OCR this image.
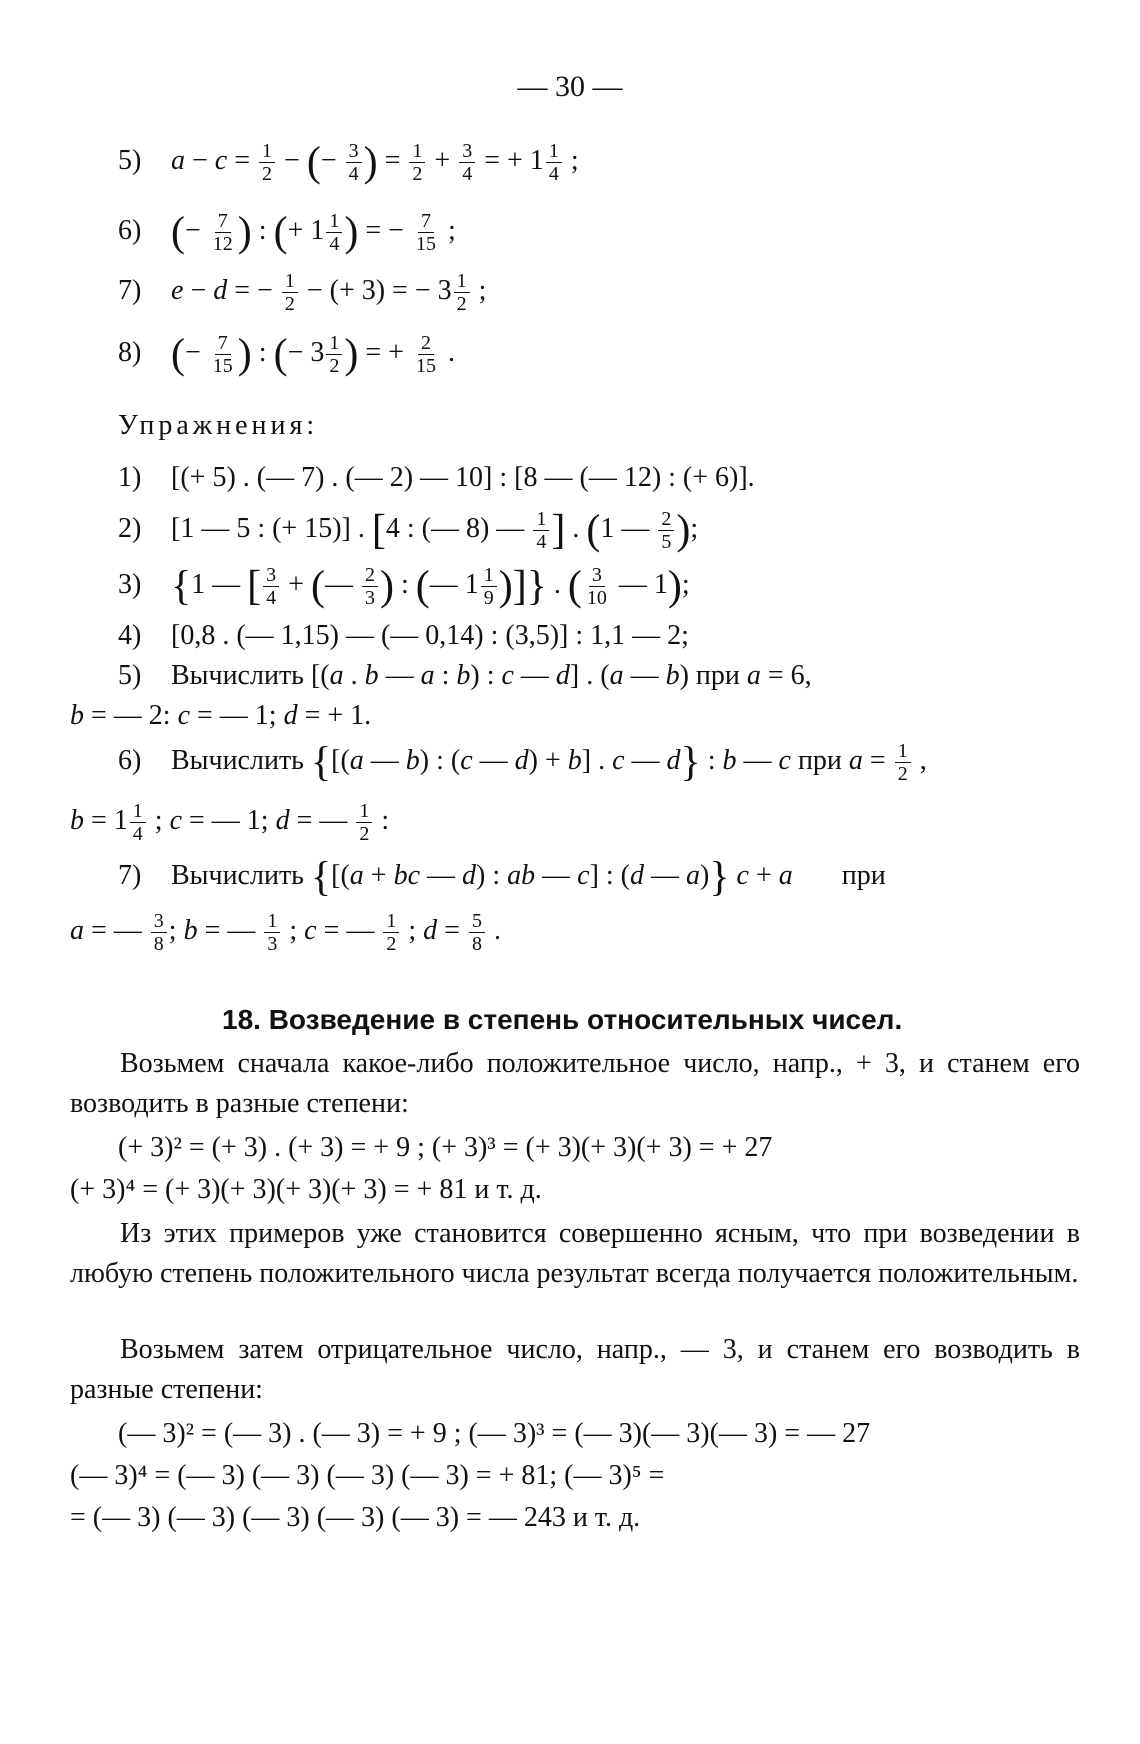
— 30 —
5) $a - c = \frac{1}{2}$ − (− $\frac{3}{4}$ ) = $\frac{1}{2} + \frac{3}{4}$ = + $1 \frac{1}{4}$ ;
6) (− $\frac{7}{12}$ ) : (+ $1 \frac{1}{4}$ ) = − $\frac{7}{15}$ ;
7) e − d = − $\frac{1}{2}$ − (+ 3) = − $3 \frac{1}{2}$ ;
8) (− $\frac{7}{15}$ ) : (− $3 \frac{1}{2}$ ) = + $\frac{2}{15}$ .
Упражнения:
1) [(+ 5) . (— 7) . (— 2) — 10] : [8 — (— 12) : (+ 6)].
2) [1 — 5 : (+ 15)] . [4 : (— 8) — $\frac{1}{4}$ ] . (1 — $\frac{2}{5}$ );
3) {1 — [ $\frac{3}{4}$ + (— $\frac{2}{3}$ ) : (— $1 \frac{1}{9}$ )]} . ( $\frac{3}{10}$ — 1);
4) [0,8 . (— 1,15) — (— 0,14) : (3,5)] : 1,1 — 2;
5) Вычислить [(a . b — a : b) : c — d] . (a — b) при a = 6,
b = — 2: c = — 1; d = + 1.
6) Вычислить {[(a — b) : (c — d) + b] . c — d} : b — c при $a = \frac{1}{2}$ ,
$b = 1 \frac{1}{4}$ ; c = — 1; d = — $\frac{1}{2}$ :
7) Вычислить {[(a + bc — d) : ab — c] : (d — a)} c + a       при
a = — $\frac{3}{8}$ ; b = — $\frac{1}{3}$ ; c = — $\frac{1}{2}$ ; $d = \frac{5}{8}$ .
18. Возведение в степень относительных чисел.
Возьмем сначала какое-либо положительное число, напр., + 3, и станем его возводить в разные степени:
(+ 3)² = (+ 3) . (+ 3) = + 9 ; (+ 3)³ = (+ 3)(+ 3)(+ 3) = + 27
(+ 3)⁴ = (+ 3)(+ 3)(+ 3)(+ 3) = + 81 и т. д.
Из этих примеров уже становится совершенно ясным, что при возведении в любую степень положительного числа результат всегда получается положительным.
Возьмем затем отрицательное число, напр., — 3, и станем его возводить в разные степени:
(— 3)² = (— 3) . (— 3) = + 9 ; (— 3)³ = (— 3)(— 3)(— 3) = — 27
(— 3)⁴ = (— 3) (— 3) (— 3) (— 3) = + 81; (— 3)⁵ =
= (— 3) (— 3) (— 3) (— 3) (— 3) = — 243 и т. д.
